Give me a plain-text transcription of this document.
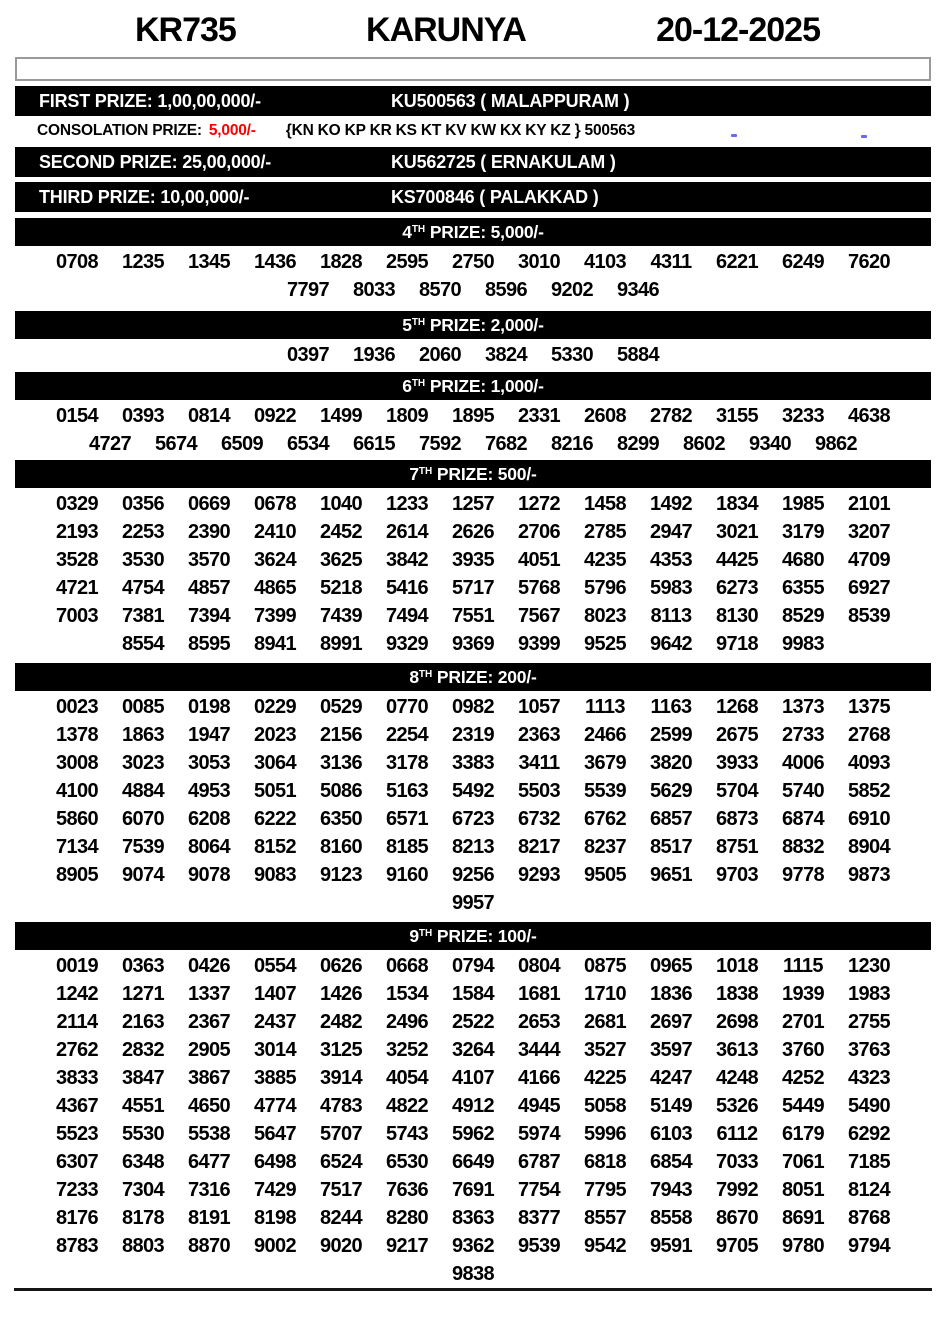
KR735	KARUNYA	20-12-2025
FIRST PRIZE: 1,00,00,000/-	KU500563 ( MALAPPURAM )
CONSOLATION PRIZE: 5,000/- {KN KO KP KR KS KT KV KW KX KY KZ } 500563
SECOND PRIZE: 25,00,000/-	KU562725 ( ERNAKULAM )
THIRD PRIZE: 10,00,000/-	KS700846 ( PALAKKAD )
4TH PRIZE: 5,000/-
0708	1235	1345	1436	1828	2595	2750	3010	4103	4311	6221	6249	7620
7797	8033	8570	8596	9202	9346
5TH PRIZE: 2,000/-
0397	1936	2060	3824	5330	5884
6TH PRIZE: 1,000/-
0154	0393	0814	0922	1499	1809	1895	2331	2608	2782	3155	3233	4638
4727	5674	6509	6534	6615	7592	7682	8216	8299	8602	9340	9862
7TH PRIZE: 500/-
0329	0356	0669	0678	1040	1233	1257	1272	1458	1492	1834	1985	2101
2193	2253	2390	2410	2452	2614	2626	2706	2785	2947	3021	3179	3207
3528	3530	3570	3624	3625	3842	3935	4051	4235	4353	4425	4680	4709
4721	4754	4857	4865	5218	5416	5717	5768	5796	5983	6273	6355	6927
7003	7381	7394	7399	7439	7494	7551	7567	8023	8113	8130	8529	8539
8554	8595	8941	8991	9329	9369	9399	9525	9642	9718	9983
8TH PRIZE: 200/-
0023	0085	0198	0229	0529	0770	0982	1057	1113	1163	1268	1373	1375
1378	1863	1947	2023	2156	2254	2319	2363	2466	2599	2675	2733	2768
3008	3023	3053	3064	3136	3178	3383	3411	3679	3820	3933	4006	4093
4100	4884	4953	5051	5086	5163	5492	5503	5539	5629	5704	5740	5852
5860	6070	6208	6222	6350	6571	6723	6732	6762	6857	6873	6874	6910
7134	7539	8064	8152	8160	8185	8213	8217	8237	8517	8751	8832	8904
8905	9074	9078	9083	9123	9160	9256	9293	9505	9651	9703	9778	9873
9957
9TH PRIZE: 100/-
0019	0363	0426	0554	0626	0668	0794	0804	0875	0965	1018	1115	1230
1242	1271	1337	1407	1426	1534	1584	1681	1710	1836	1838	1939	1983
2114	2163	2367	2437	2482	2496	2522	2653	2681	2697	2698	2701	2755
2762	2832	2905	3014	3125	3252	3264	3444	3527	3597	3613	3760	3763
3833	3847	3867	3885	3914	4054	4107	4166	4225	4247	4248	4252	4323
4367	4551	4650	4774	4783	4822	4912	4945	5058	5149	5326	5449	5490
5523	5530	5538	5647	5707	5743	5962	5974	5996	6103	6112	6179	6292
6307	6348	6477	6498	6524	6530	6649	6787	6818	6854	7033	7061	7185
7233	7304	7316	7429	7517	7636	7691	7754	7795	7943	7992	8051	8124
8176	8178	8191	8198	8244	8280	8363	8377	8557	8558	8670	8691	8768
8783	8803	8870	9002	9020	9217	9362	9539	9542	9591	9705	9780	9794
9838
